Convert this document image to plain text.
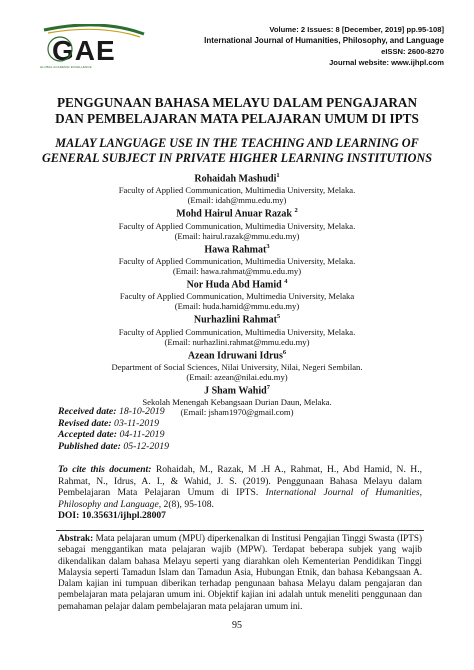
GAE
GLOBAL ACADEMIC EXCELLENCE
Volume: 2 Issues: 8 [December, 2019] pp.95-108]
International Journal of Humanities, Philosophy, and Language
eISSN: 2600-8270
Journal website: www.ijhpl.com

PENGGUNAAN BAHASA MELAYU DALAM PENGAJARAN
DAN PEMBELAJARAN MATA PELAJARAN UMUM DI IPTS

MALAY LANGUAGE USE IN THE TEACHING AND LEARNING OF
GENERAL SUBJECT IN PRIVATE HIGHER LEARNING INSTITUTIONS

Rohaidah Mashudi$^1$
Faculty of Applied Communication, Multimedia University, Melaka.
(Email: idah@mmu.edu.my)
Mohd Hairul Anuar Razak $^2$
Faculty of Applied Communication, Multimedia University, Melaka.
(Email: hairul.razak@mmu.edu.my)
Hawa Rahmat$^3$
Faculty of Applied Communication, Multimedia University, Melaka.
(Email: hawa.rahmat@mmu.edu.my)
Nor Huda Abd Hamid $^4$
Faculty of Applied Communication, Multimedia University, Melaka
(Email: huda.hamid@mmu.edu.my)
Nurhazlini Rahmat$^5$
Faculty of Applied Communication, Multimedia University, Melaka.
(Email: nurhazlini.rahmat@mmu.edu.my)
Azean Idruwani Idrus$^6$
Department of Social Sciences, Nilai University, Nilai, Negeri Sembilan.
(Email: azean@nilai.edu.my)
J Sham Wahid$^7$
Sekolah Menengah Kebangsaan Durian Daun, Melaka.
(Email: jsham1970@gmail.com)
Received date: 18-10-2019
Revised date: 03-11-2019
Accepted date: 04-11-2019
Published date: 05-12-2019
To cite this document: Rohaidah, M., Razak, M .H A., Rahmat, H., Abd Hamid, N. H., Rahmat, N., Idrus, A. I., & Wahid, J. S. (2019). Penggunaan Bahasa Melayu dalam Pembelajaran Mata Pelajaran Umum di IPTS. International Journal of Humanities, Philosophy and Language, 2(8), 95-108.
DOI: 10.35631/ijhpl.28007
Abstrak: Mata pelajaran umum (MPU) diperkenalkan di Institusi Pengajian Tinggi Swasta (IPTS) sebagai menggantikan mata pelajaran wajib (MPW). Terdapat beberapa subjek yang wajib dikendalikan dalam bahasa Melayu seperti yang diarahkan oleh Kementerian Pendidikan Tinggi Malaysia seperti Tamadun Islam dan Tamadun Asia, Hubungan Etnik, dan bahasa Kebangsaan A. Dalam kajian ini tumpuan diberikan terhadap pengunaan bahasa Melayu dalam pengajaran dan pembelajaran mata pelajaran umum ini. Objektif kajian ini adalah untuk meneliti penggunaan dan pemahaman pelajar dalam pembelajaran mata pelajaran umum ini.
95
